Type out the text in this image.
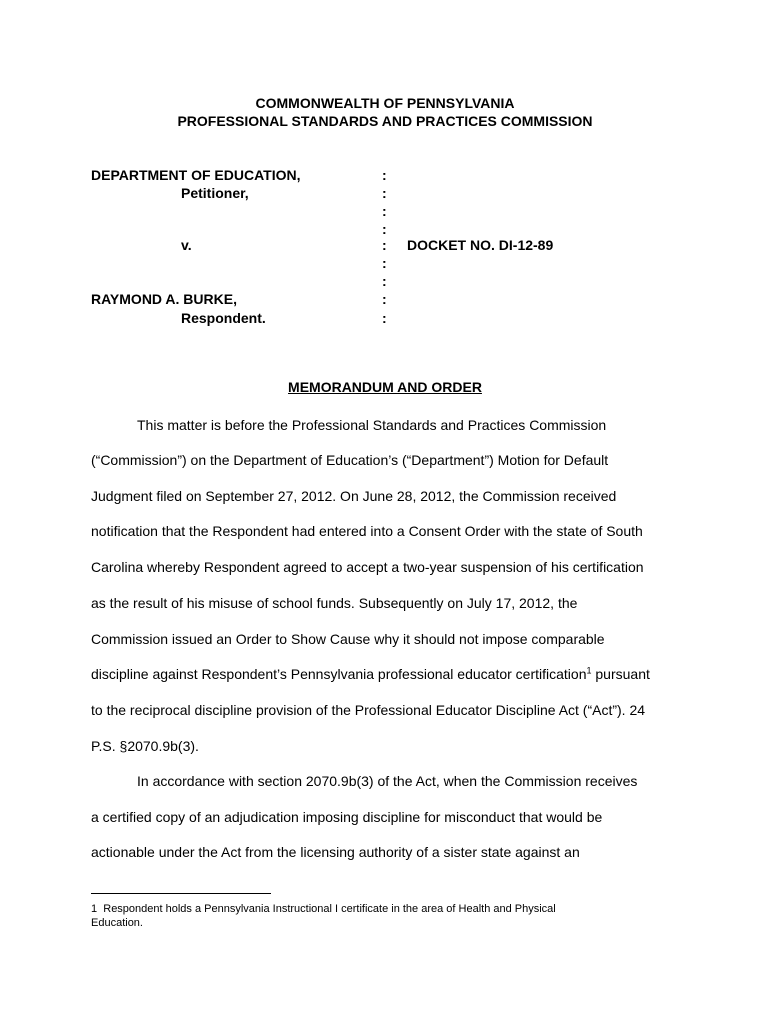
COMMONWEALTH OF PENNSYLVANIA
PROFESSIONAL STANDARDS AND PRACTICES COMMISSION
DEPARTMENT OF EDUCATION,
Petitioner,
v.
RAYMOND A. BURKE,
Respondent.
:
:
:
:
:
:
:
:
:
DOCKET NO. DI-12-89
MEMORANDUM AND ORDER
This matter is before the Professional Standards and Practices Commission
(“Commission”) on the Department of Education’s (“Department”) Motion for Default
Judgment filed on September 27, 2012. On June 28, 2012, the Commission received
notification that the Respondent had entered into a Consent Order with the state of South
Carolina whereby Respondent agreed to accept a two-year suspension of his certification
as the result of his misuse of school funds. Subsequently on July 17, 2012, the
Commission issued an Order to Show Cause why it should not impose comparable
discipline against Respondent’s Pennsylvania professional educator certification$^1$ pursuant
to the reciprocal discipline provision of the Professional Educator Discipline Act (“Act”). 24
P.S. §2070.9b(3).
In accordance with section 2070.9b(3) of the Act, when the Commission receives
a certified copy of an adjudication imposing discipline for misconduct that would be
actionable under the Act from the licensing authority of a sister state against an
1 Respondent holds a Pennsylvania Instructional I certificate in the area of Health and Physical
Education.
